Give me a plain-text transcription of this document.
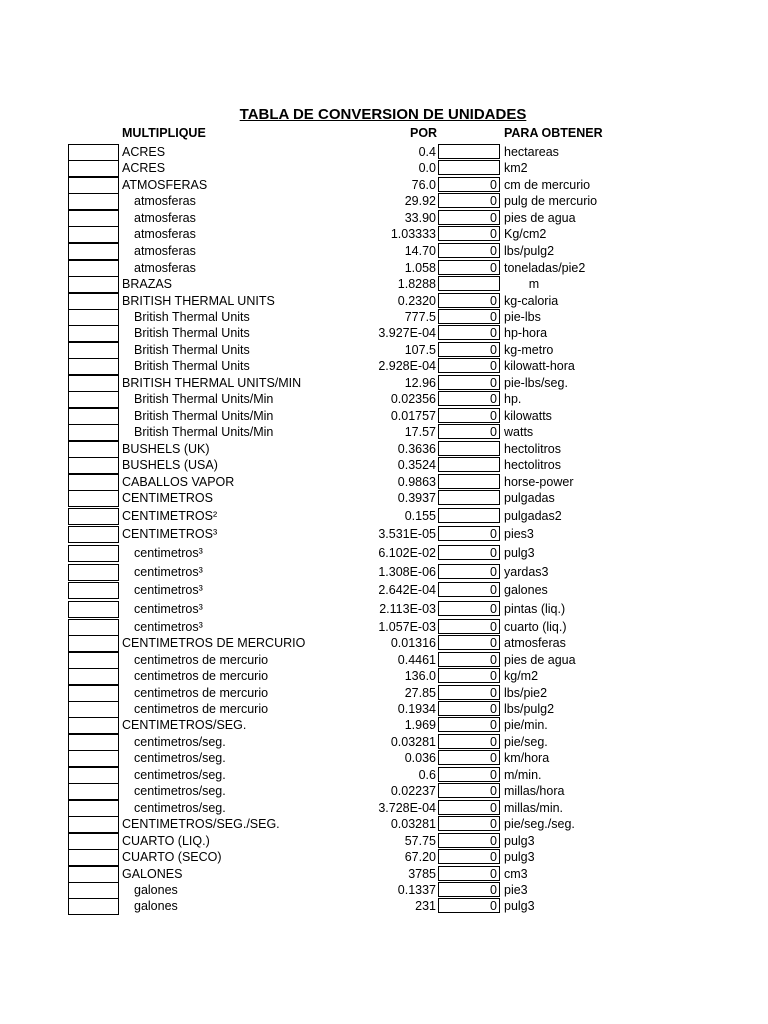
TABLA DE CONVERSION DE UNIDADES
MULTIPLIQUE	POR	PARA OBTENER
ACRES	0.4	hectareas
ACRES	0.0	km2
ATMOSFERAS	76.0	0 cm de mercurio
atmosferas	29.92	0 pulg de mercurio
atmosferas	33.90	0 pies de agua
atmosferas	1.03333	0 Kg/cm2
atmosferas	14.70	0 lbs/pulg2
atmosferas	1.058	0 toneladas/pie2
BRAZAS	1.8288	m
BRITISH THERMAL UNITS	0.2320	0 kg-caloria
British Thermal Units	777.5	0 pie-lbs
British Thermal Units	3.927E-04	0 hp-hora
British Thermal Units	107.5	0 kg-metro
British Thermal Units	2.928E-04	0 kilowatt-hora
BRITISH THERMAL UNITS/MIN	12.96	0 pie-lbs/seg.
British Thermal Units/Min	0.02356	0 hp.
British Thermal Units/Min	0.01757	0 kilowatts
British Thermal Units/Min	17.57	0 watts
BUSHELS (UK)	0.3636	hectolitros
BUSHELS (USA)	0.3524	hectolitros
CABALLOS VAPOR	0.9863	horse-power
CENTIMETROS	0.3937	pulgadas
CENTIMETROS²	0.155	pulgadas2
CENTIMETROS³	3.531E-05	0 pies3
centimetros³	6.102E-02	0 pulg3
centimetros³	1.308E-06	0 yardas3
centimetros³	2.642E-04	0 galones
centimetros³	2.113E-03	0 pintas (liq.)
centimetros³	1.057E-03	0 cuarto (liq.)
CENTIMETROS DE MERCURIO	0.01316	0 atmosferas
centimetros de mercurio	0.4461	0 pies de agua
centimetros de mercurio	136.0	0 kg/m2
centimetros de mercurio	27.85	0 lbs/pie2
centimetros de mercurio	0.1934	0 lbs/pulg2
CENTIMETROS/SEG.	1.969	0 pie/min.
centimetros/seg.	0.03281	0 pie/seg.
centimetros/seg.	0.036	0 km/hora
centimetros/seg.	0.6	0 m/min.
centimetros/seg.	0.02237	0 millas/hora
centimetros/seg.	3.728E-04	0 millas/min.
CENTIMETROS/SEG./SEG.	0.03281	0 pie/seg./seg.
CUARTO (LIQ.)	57.75	0 pulg3
CUARTO (SECO)	67.20	0 pulg3
GALONES	3785	0 cm3
galones	0.1337	0 pie3
galones	231	0 pulg3
